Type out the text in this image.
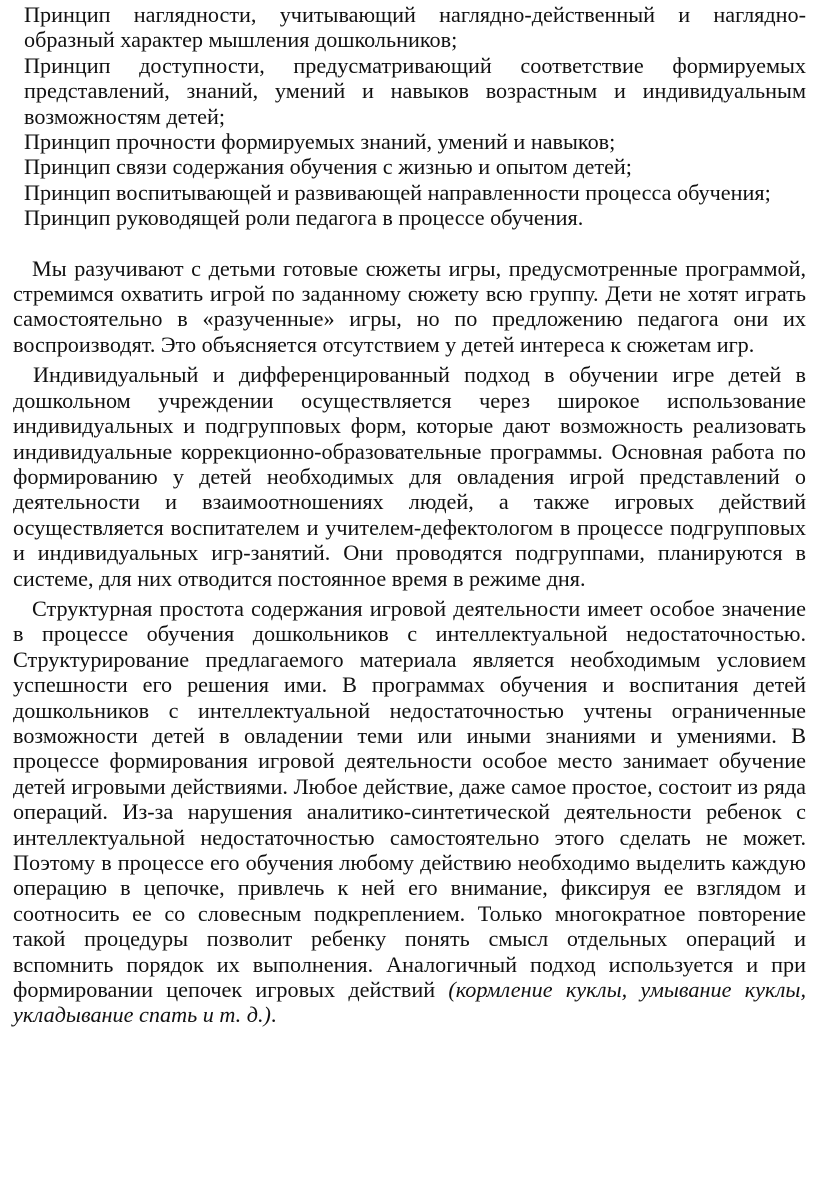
Принцип наглядности, учитывающий наглядно-действенный и наглядно-образный характер мышления дошкольников;
Принцип доступности, предусматривающий соответствие формируемых представлений, знаний, умений и навыков возрастным и индивидуальным возможностям детей;
Принцип прочности формируемых знаний, умений и навыков;
Принцип связи содержания обучения с жизнью и опытом детей;
Принцип воспитывающей и развивающей направленности процесса обучения;
Принцип руководящей роли педагога в процессе обучения.

Мы разучивают с детьми готовые сюжеты игры, предусмотренные программой, стремимся охватить игрой по заданному сюжету всю группу. Дети не хотят играть самостоятельно в «разученные» игры, но по предложению педагога они их воспроизводят. Это объясняется отсутствием у детей интереса к сюжетам игр.

Индивидуальный и дифференцированный подход в обучении игре детей в дошкольном учреждении осуществляется через широкое использование индивидуальных и подгрупповых форм, которые дают возможность реализовать индивидуальные коррекционно-образовательные программы. Основная работа по формированию у детей необходимых для овладения игрой представлений о деятельности и взаимоотношениях людей, а также игровых действий осуществляется воспитателем и учителем-дефектологом в процессе подгрупповых и индивидуальных игр-занятий. Они проводятся подгруппами, планируются в системе, для них отводится постоянное время в режиме дня.

Структурная простота содержания игровой деятельности имеет особое значение в процессе обучения дошкольников с интеллектуальной недостаточностью. Структурирование предлагаемого материала является необходимым условием успешности его решения ими. В программах обучения и воспитания детей дошкольников с интеллектуальной недостаточностью учтены ограниченные возможности детей в овладении теми или иными знаниями и умениями. В процессе формирования игровой деятельности особое место занимает обучение детей игровыми действиями. Любое действие, даже самое простое, состоит из ряда операций. Из-за нарушения аналитико-синтетической деятельности ребенок с интеллектуальной недостаточностью самостоятельно этого сделать не может. Поэтому в процессе его обучения любому действию необходимо выделить каждую операцию в цепочке, привлечь к ней его внимание, фиксируя ее взглядом и соотносить ее со словесным подкреплением. Только многократное повторение такой процедуры позволит ребенку понять смысл отдельных операций и вспомнить порядок их выполнения. Аналогичный подход используется и при формировании цепочек игровых действий (кормление куклы, умывание куклы, укладывание спать и т. д.).
